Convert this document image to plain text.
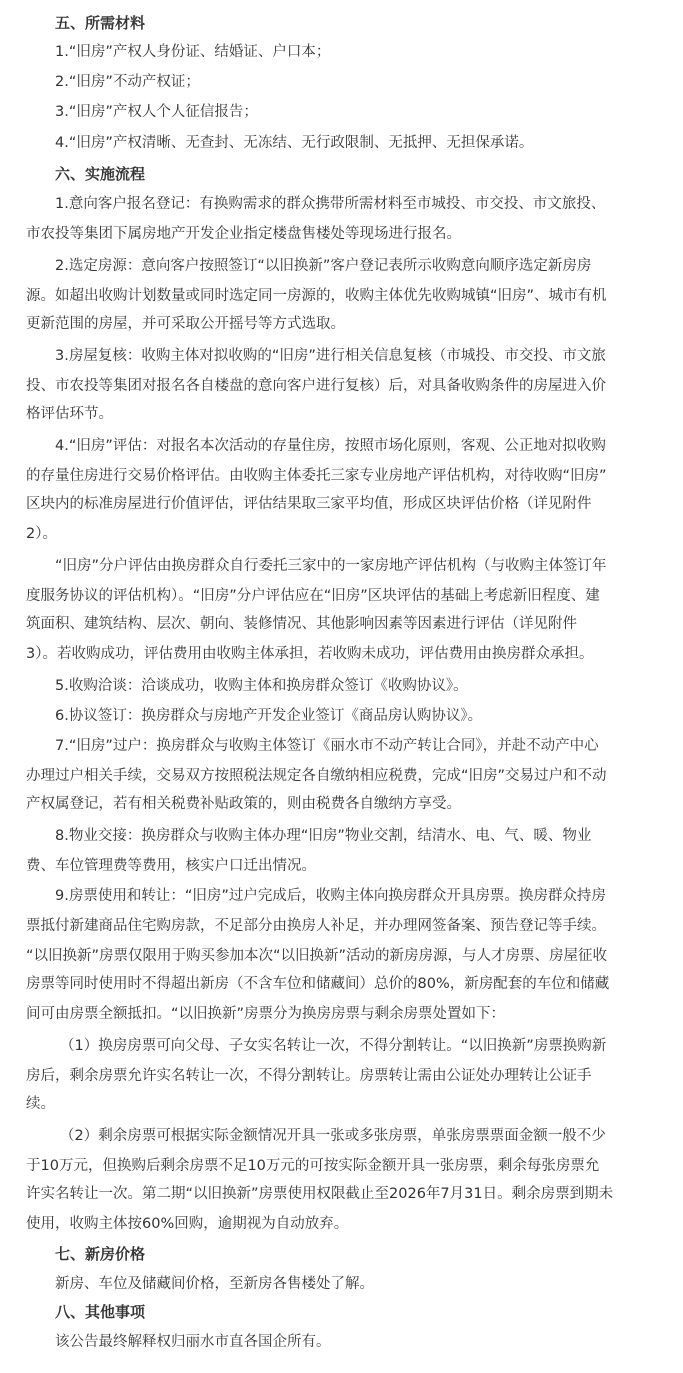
五、所需材料
1.“旧房”产权人身份证、结婚证、户口本；
2.“旧房”不动产权证；
3.“旧房”产权人个人征信报告；
4.“旧房”产权清晰、无查封、无冻结、无行政限制、无抵押、无担保承诺。
六、实施流程
1.意向客户报名登记：有换购需求的群众携带所需材料至市城投、市交投、市文旅投、
市农投等集团下属房地产开发企业指定楼盘售楼处等现场进行报名。
2.选定房源：意向客户按照签订“以旧换新”客户登记表所示收购意向顺序选定新房房
源。如超出收购计划数量或同时选定同一房源的，收购主体优先收购城镇“旧房”、城市有机
更新范围的房屋，并可采取公开摇号等方式选取。
3.房屋复核：收购主体对拟收购的“旧房”进行相关信息复核（市城投、市交投、市文旅
投、市农投等集团对报名各自楼盘的意向客户进行复核）后，对具备收购条件的房屋进入价
格评估环节。
4.“旧房”评估：对报名本次活动的存量住房，按照市场化原则，客观、公正地对拟收购
的存量住房进行交易价格评估。由收购主体委托三家专业房地产评估机构，对待收购“旧房”
区块内的标准房屋进行价值评估，评估结果取三家平均值，形成区块评估价格（详见附件
2）。
“旧房”分户评估由换房群众自行委托三家中的一家房地产评估机构（与收购主体签订年
度服务协议的评估机构）。“旧房”分户评估应在“旧房”区块评估的基础上考虑新旧程度、建
筑面积、建筑结构、层次、朝向、装修情况、其他影响因素等因素进行评估（详见附件
3）。若收购成功，评估费用由收购主体承担，若收购未成功，评估费用由换房群众承担。
5.收购洽谈：洽谈成功，收购主体和换房群众签订《收购协议》。
6.协议签订：换房群众与房地产开发企业签订《商品房认购协议》。
7.“旧房”过户：换房群众与收购主体签订《丽水市不动产转让合同》，并赴不动产中心
办理过户相关手续，交易双方按照税法规定各自缴纳相应税费，完成“旧房”交易过户和不动
产权属登记，若有相关税费补贴政策的，则由税费各自缴纳方享受。
8.物业交接：换房群众与收购主体办理“旧房”物业交割，结清水、电、气、暖、物业
费、车位管理费等费用，核实户口迁出情况。
9.房票使用和转让：“旧房”过户完成后，收购主体向换房群众开具房票。换房群众持房
票抵付新建商品住宅购房款，不足部分由换房人补足，并办理网签备案、预告登记等手续。
“以旧换新”房票仅限用于购买参加本次“以旧换新”活动的新房房源，与人才房票、房屋征收
房票等同时使用时不得超出新房（不含车位和储藏间）总价的80%，新房配套的车位和储藏
间可由房票全额抵扣。“以旧换新”房票分为换房房票与剩余房票处置如下：
（1）换房房票可向父母、子女实名转让一次，不得分割转让。“以旧换新”房票换购新
房后，剩余房票允许实名转让一次，不得分割转让。房票转让需由公证处办理转让公证手
续。
（2）剩余房票可根据实际金额情况开具一张或多张房票，单张房票票面金额一般不少
于10万元，但换购后剩余房票不足10万元的可按实际金额开具一张房票，剩余每张房票允
许实名转让一次。第二期“以旧换新”房票使用权限截止至2026年7月31日。剩余房票到期未
使用，收购主体按60%回购，逾期视为自动放弃。
七、新房价格
新房、车位及储藏间价格，至新房各售楼处了解。
八、其他事项
该公告最终解释权归丽水市直各国企所有。
